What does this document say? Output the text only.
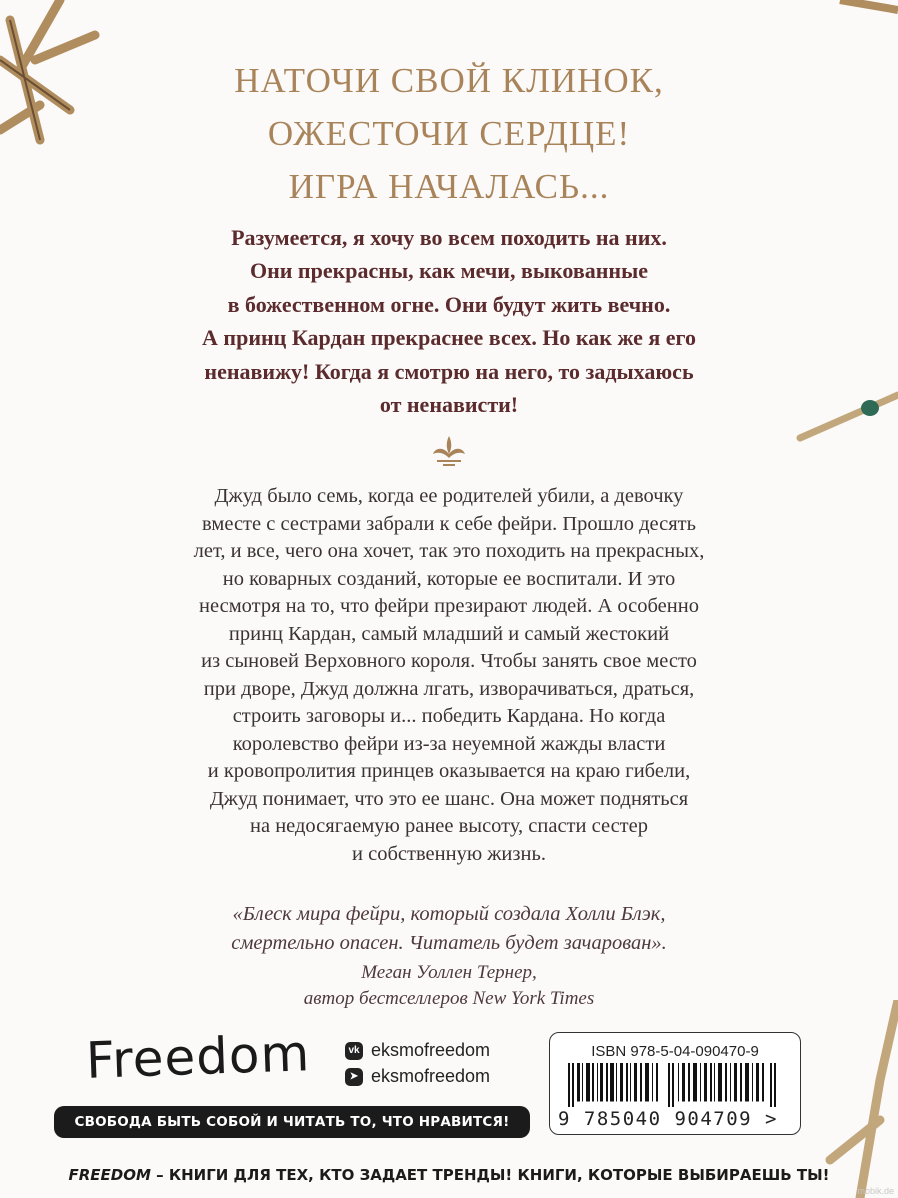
НАТОЧИ СВОЙ КЛИНОК,
ОЖЕСТОЧИ СЕРДЦЕ!
ИГРА НАЧАЛАСЬ...
Разумеется, я хочу во всем походить на них.
Они прекрасны, как мечи, выкованные
в божественном огне. Они будут жить вечно.
А принц Кардан прекраснее всех. Но как же я его
ненавижу! Когда я смотрю на него, то задыхаюсь
от ненависти!
Джуд было семь, когда ее родителей убили, а девочку
вместе с сестрами забрали к себе фейри. Прошло десять
лет, и все, чего она хочет, так это походить на прекрасных,
но коварных созданий, которые ее воспитали. И это
несмотря на то, что фейри презирают людей. А особенно
принц Кардан, самый младший и самый жестокий
из сыновей Верховного короля. Чтобы занять свое место
при дворе, Джуд должна лгать, изворачиваться, драться,
строить заговоры и... победить Кардана. Но когда
королевство фейри из-за неуемной жажды власти
и кровопролития принцев оказывается на краю гибели,
Джуд понимает, что это ее шанс. Она может подняться
на недосягаемую ранее высоту, спасти сестер
и собственную жизнь.
«Блеск мира фейри, который создала Холли Блэк,
смертельно опасен. Читатель будет зачарован».
Меган Уоллен Тернер,
автор бестселлеров New York Times
Freedom	vk eksmofreedom
➤ eksmofreedom
СВОБОДА БЫТЬ СОБОЙ И ЧИТАТЬ ТО, ЧТО НРАВИТСЯ!
ISBN 978-5-04-090470-9
9 785040 904709 >
FREEDOM – КНИГИ ДЛЯ ТЕХ, КТО ЗАДАЕТ ТРЕНДЫ! КНИГИ, КОТОРЫЕ ВЫБИРАЕШЬ ТЫ!
mobik.de
